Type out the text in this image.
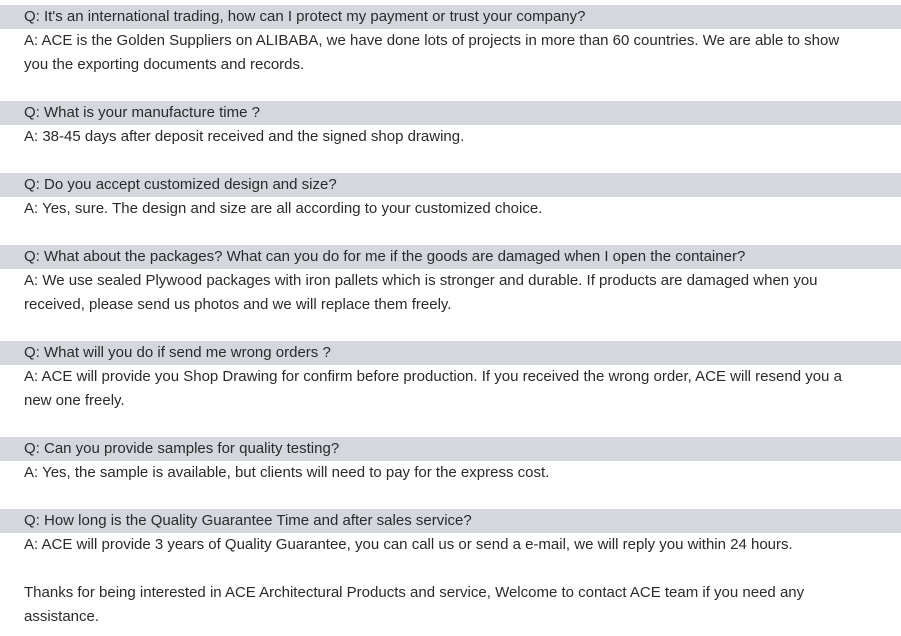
Q: It's an international trading, how can I protect my payment or trust your company?
A: ACE is the Golden Suppliers on ALIBABA, we have done lots of projects in more than 60 countries. We are able to show you the exporting documents and records.
Q: What is your manufacture time ?
A: 38-45 days after deposit received and the signed shop drawing.
Q: Do you accept customized design and size?
A: Yes, sure. The design and size are all according to your customized choice.
Q: What about the packages? What can you do for me if the goods are damaged when I open the container?
A: We use sealed Plywood packages with iron pallets which is stronger and durable. If products are damaged when you received, please send us photos and we will replace them freely.
Q: What will you do if send me wrong orders ?
A: ACE will provide you Shop Drawing for confirm before production. If you received the wrong order, ACE will resend you a new one freely.
Q: Can you provide samples for quality testing?
A: Yes, the sample is available, but clients will need to pay for the express cost.
Q: How long is the Quality Guarantee Time and after sales service?
A: ACE will provide 3 years of Quality Guarantee, you can call us or send a e-mail, we will reply you within 24 hours.
Thanks for being interested in ACE Architectural Products and service, Welcome to contact ACE team if you need any assistance.
